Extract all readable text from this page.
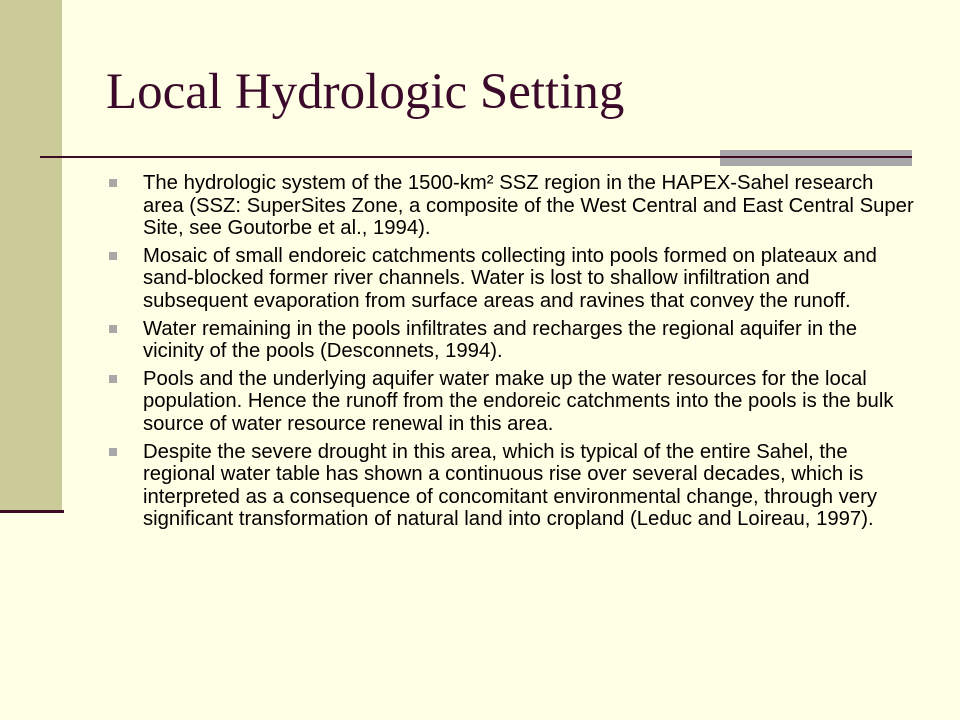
Local Hydrologic Setting
The hydrologic system of the 1500-km² SSZ region in the HAPEX-Sahel research area (SSZ: SuperSites Zone, a composite of the West Central and East Central Super Site, see Goutorbe et al., 1994).
Mosaic of small endoreic catchments collecting into pools formed on plateaux and sand-blocked former river channels. Water is lost to shallow infiltration and subsequent evaporation from surface areas and ravines that convey the runoff.
Water remaining in the pools infiltrates and recharges the regional aquifer in the vicinity of the pools (Desconnets, 1994).
Pools and the underlying aquifer water make up the water resources for the local population. Hence the runoff from the endoreic catchments into the pools is the bulk source of water resource renewal in this area.
Despite the severe drought in this area, which is typical of the entire Sahel, the regional water table has shown a continuous rise over several decades, which is interpreted as a consequence of concomitant environmental change, through very significant transformation of natural land into cropland (Leduc and Loireau, 1997).
